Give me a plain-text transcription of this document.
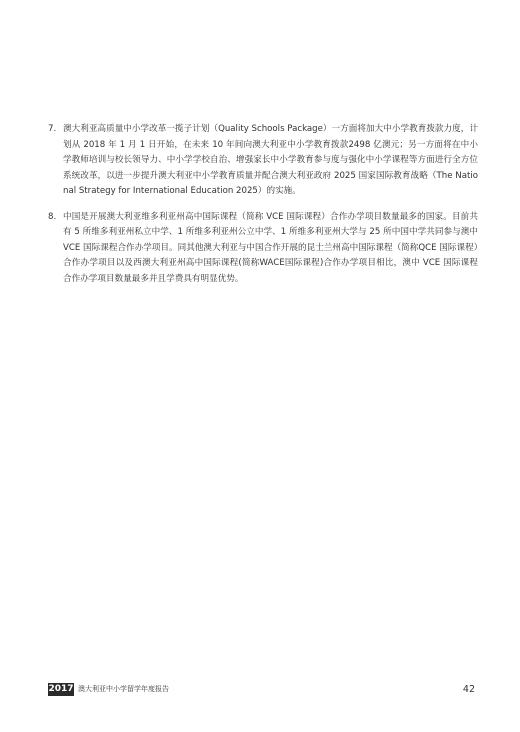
7. 澳大利亚高质量中小学改革一揽子计划（Quality Schools Package）一方面将加大中小学教育拨款力度，计划从 2018 年 1 月 1 日开始，在未来 10 年间向澳大利亚中小学教育拨款2498 亿澳元；另一方面将在中小学教师培训与校长领导力、中小学学校自治、增强家长中小学教育参与度与强化中小学课程等方面进行全方位系统改革，以进一步提升澳大利亚中小学教育质量并配合澳大利亚政府 2025 国家国际教育战略（The National Strategy for International Education 2025）的实施。

8. 中国是开展澳大利亚维多利亚州高中国际课程（简称 VCE 国际课程）合作办学项目数量最多的国家。目前共有 5 所维多利亚州私立中学、1 所维多利亚州公立中学、1 所维多利亚州大学与 25 所中国中学共同参与澳中 VCE 国际课程合作办学项目。同其他澳大利亚与中国合作开展的昆士兰州高中国际课程（简称QCE 国际课程）合作办学项目以及西澳大利亚州高中国际课程(简称WACE国际课程)合作办学项目相比，澳中 VCE 国际课程合作办学项目数量最多并且学费具有明显优势。

2017 澳大利亚中小学留学年度报告	42
